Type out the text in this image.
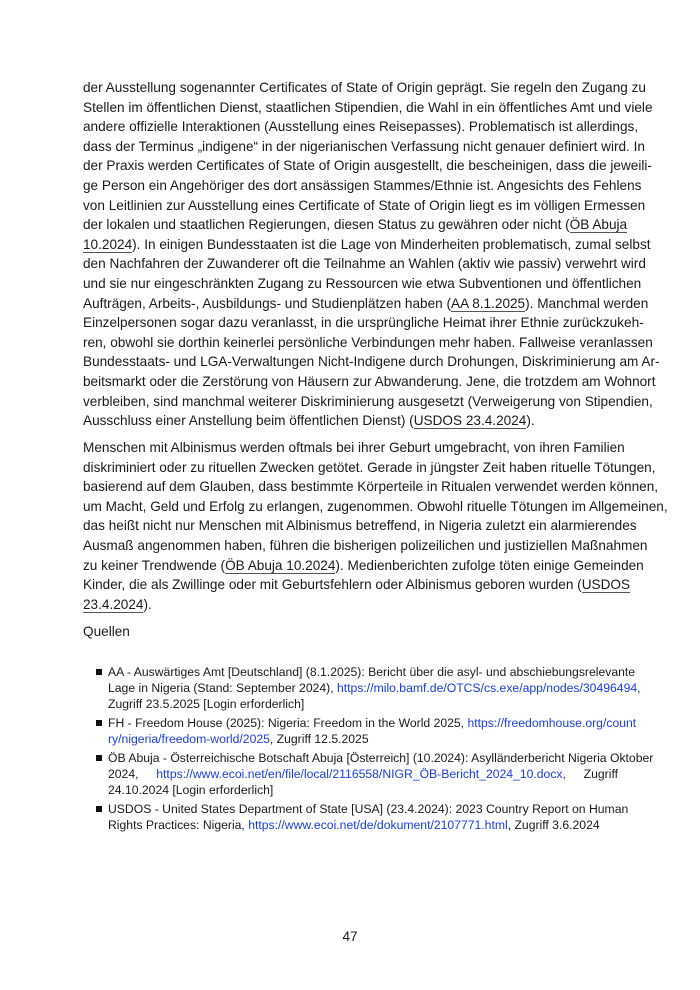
der Ausstellung sogenannter Certificates of State of Origin geprägt. Sie regeln den Zugang zu
Stellen im öffentlichen Dienst, staatlichen Stipendien, die Wahl in ein öffentliches Amt und viele
andere offizielle Interaktionen (Ausstellung eines Reisepasses). Problematisch ist allerdings,
dass der Terminus „indigene“ in der nigerianischen Verfassung nicht genauer definiert wird. In
der Praxis werden Certificates of State of Origin ausgestellt, die bescheinigen, dass die jeweili-
ge Person ein Angehöriger des dort ansässigen Stammes/Ethnie ist. Angesichts des Fehlens
von Leitlinien zur Ausstellung eines Certificate of State of Origin liegt es im völligen Ermessen
der lokalen und staatlichen Regierungen, diesen Status zu gewähren oder nicht (ÖB Abuja
10.2024). In einigen Bundesstaaten ist die Lage von Minderheiten problematisch, zumal selbst
den Nachfahren der Zuwanderer oft die Teilnahme an Wahlen (aktiv wie passiv) verwehrt wird
und sie nur eingeschränkten Zugang zu Ressourcen wie etwa Subventionen und öffentlichen
Aufträgen, Arbeits-, Ausbildungs- und Studienplätzen haben (AA 8.1.2025). Manchmal werden
Einzelpersonen sogar dazu veranlasst, in die ursprüngliche Heimat ihrer Ethnie zurückzukeh-
ren, obwohl sie dorthin keinerlei persönliche Verbindungen mehr haben. Fallweise veranlassen
Bundesstaats- und LGA-Verwaltungen Nicht-Indigene durch Drohungen, Diskriminierung am Ar-
beitsmarkt oder die Zerstörung von Häusern zur Abwanderung. Jene, die trotzdem am Wohnort
verbleiben, sind manchmal weiterer Diskriminierung ausgesetzt (Verweigerung von Stipendien,
Ausschluss einer Anstellung beim öffentlichen Dienst) (USDOS 23.4.2024).
Menschen mit Albinismus werden oftmals bei ihrer Geburt umgebracht, von ihren Familien
diskriminiert oder zu rituellen Zwecken getötet. Gerade in jüngster Zeit haben rituelle Tötungen,
basierend auf dem Glauben, dass bestimmte Körperteile in Ritualen verwendet werden können,
um Macht, Geld und Erfolg zu erlangen, zugenommen. Obwohl rituelle Tötungen im Allgemeinen,
das heißt nicht nur Menschen mit Albinismus betreffend, in Nigeria zuletzt ein alarmierendes
Ausmaß angenommen haben, führen die bisherigen polizeilichen und justiziellen Maßnahmen
zu keiner Trendwende (ÖB Abuja 10.2024). Medienberichten zufolge töten einige Gemeinden
Kinder, die als Zwillinge oder mit Geburtsfehlern oder Albinismus geboren wurden (USDOS
23.4.2024).
Quellen
AA - Auswärtiges Amt [Deutschland] (8.1.2025): Bericht über die asyl- und abschiebungsrelevante
Lage in Nigeria (Stand: September 2024), https://milo.bamf.de/OTCS/cs.exe/app/nodes/30496494,
Zugriff 23.5.2025 [Login erforderlich]
FH - Freedom House (2025): Nigeria: Freedom in the World 2025, https://freedomhouse.org/count
ry/nigeria/freedom-world/2025, Zugriff 12.5.2025
ÖB Abuja - Österreichische Botschaft Abuja [Österreich] (10.2024): Asylländerbericht Nigeria Oktober
2024, https://www.ecoi.net/en/file/local/2116558/NIGR_ÖB-Bericht_2024_10.docx, Zugriff
24.10.2024 [Login erforderlich]
USDOS - United States Department of State [USA] (23.4.2024): 2023 Country Report on Human
Rights Practices: Nigeria, https://www.ecoi.net/de/dokument/2107771.html, Zugriff 3.6.2024
47
